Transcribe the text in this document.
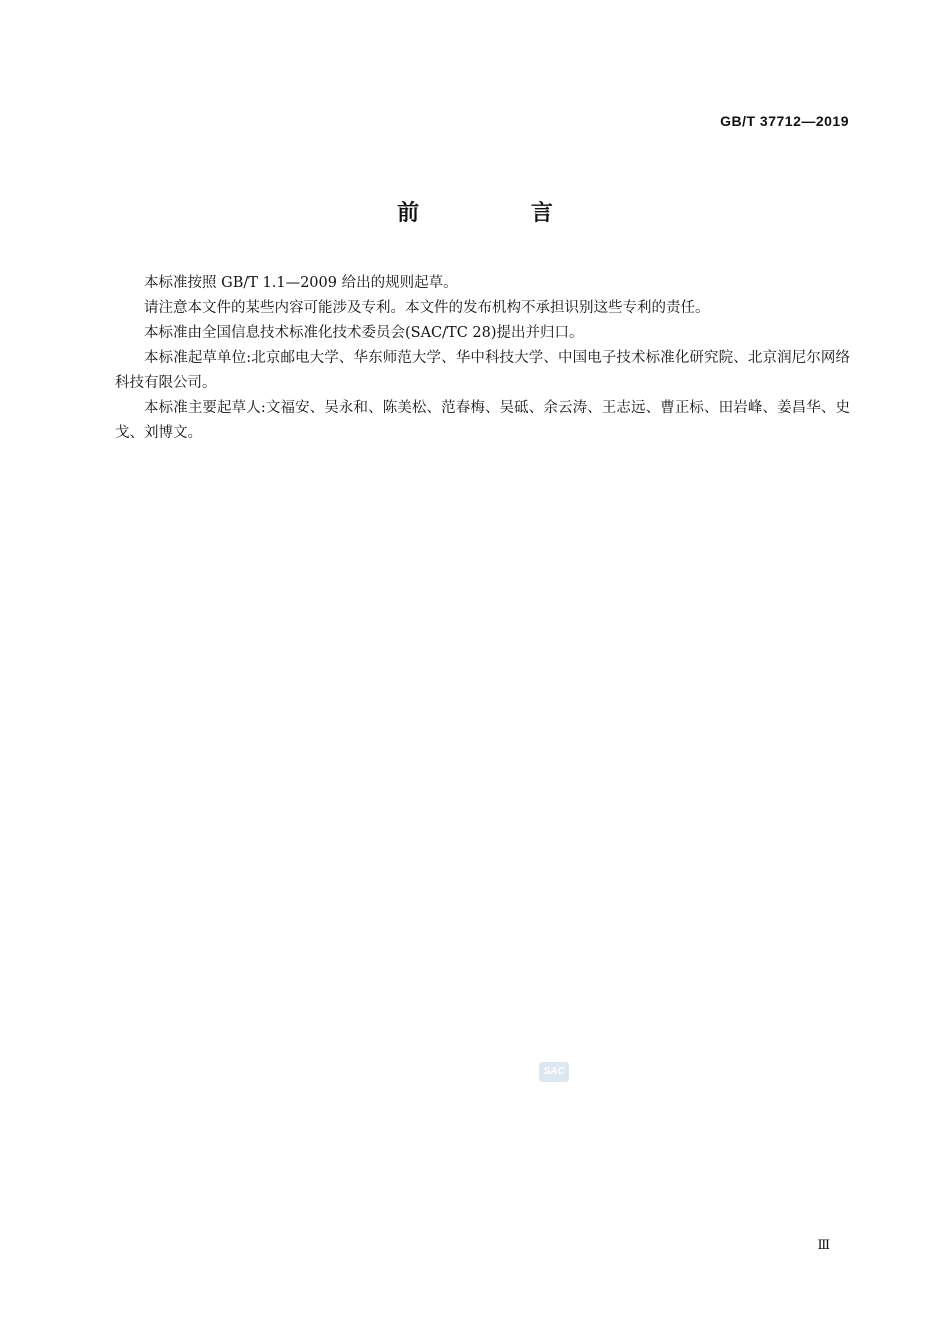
GB/T 37712—2019
前 言

本标准按照 GB/T 1.1—2009 给出的规则起草。

请注意本文件的某些内容可能涉及专利。本文件的发布机构不承担识别这些专利的责任。

本标准由全国信息技术标准化技术委员会(SAC/TC 28)提出并归口。

本标准起草单位:北京邮电大学、华东师范大学、华中科技大学、中国电子技术标准化研究院、北京润尼尔网络科技有限公司。

本标准主要起草人:文福安、吴永和、陈美松、范春梅、吴砥、余云涛、王志远、曹正标、田岩峰、姜昌华、史戈、刘博文。

SAC
Ⅲ
